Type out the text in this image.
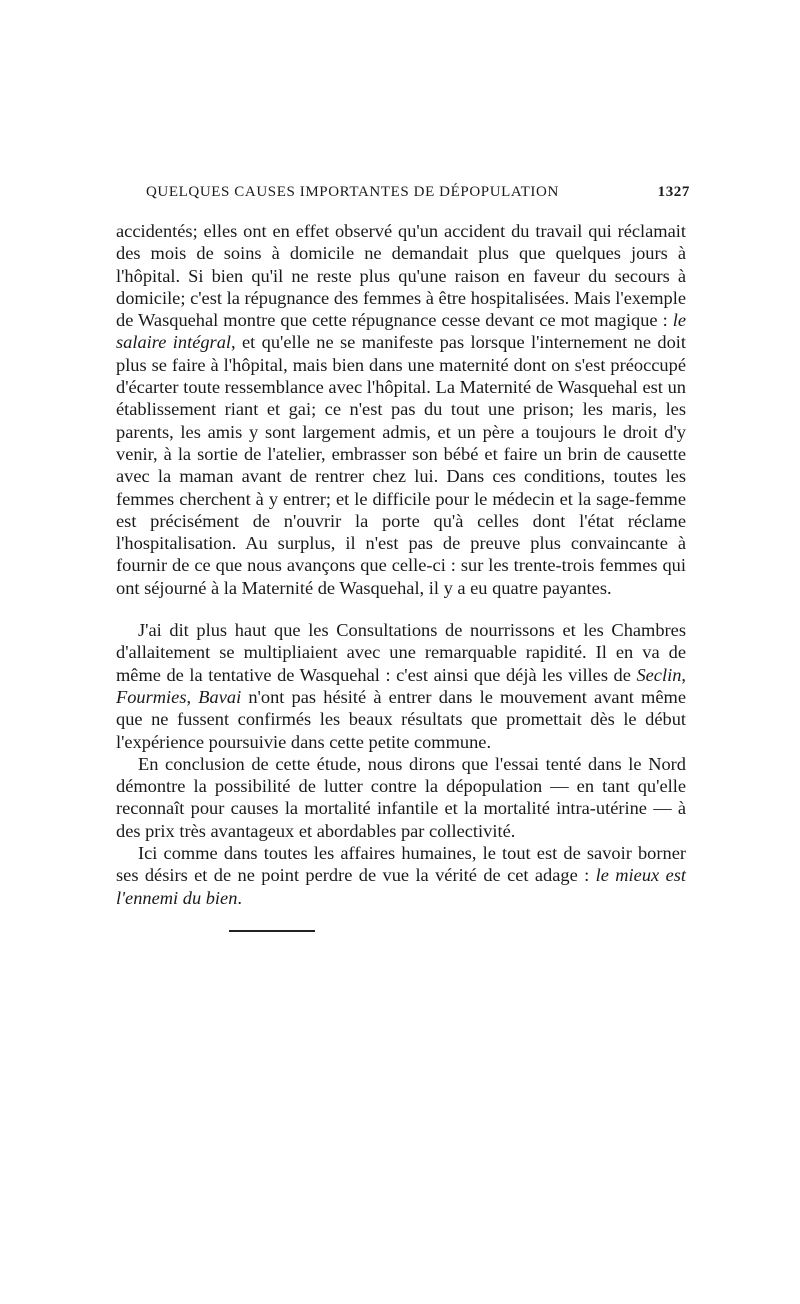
QUELQUES CAUSES IMPORTANTES DE DÉPOPULATION	1327

accidentés; elles ont en effet observé qu'un accident du travail qui réclamait des mois de soins à domicile ne demandait plus que quelques jours à l'hôpital. Si bien qu'il ne reste plus qu'une raison en faveur du secours à domicile; c'est la répugnance des femmes à être hospitalisées. Mais l'exemple de Wasquehal montre que cette répugnance cesse devant ce mot magique : le salaire intégral, et qu'elle ne se manifeste pas lorsque l'internement ne doit plus se faire à l'hôpital, mais bien dans une maternité dont on s'est préoccupé d'écarter toute ressemblance avec l'hôpital. La Maternité de Wasquehal est un établissement riant et gai; ce n'est pas du tout une prison; les maris, les parents, les amis y sont largement admis, et un père a toujours le droit d'y venir, à la sortie de l'atelier, embrasser son bébé et faire un brin de causette avec la maman avant de rentrer chez lui. Dans ces conditions, toutes les femmes cherchent à y entrer; et le difficile pour le médecin et la sage-femme est précisément de n'ouvrir la porte qu'à celles dont l'état réclame l'hospitalisation. Au surplus, il n'est pas de preuve plus convaincante à fournir de ce que nous avançons que celle-ci : sur les trente-trois femmes qui ont séjourné à la Maternité de Wasquehal, il y a eu quatre payantes.

J'ai dit plus haut que les Consultations de nourrissons et les Chambres d'allaitement se multipliaient avec une remarquable rapidité. Il en va de même de la tentative de Wasquehal : c'est ainsi que déjà les villes de Seclin, Fourmies, Bavai n'ont pas hésité à entrer dans le mouvement avant même que ne fussent confirmés les beaux résultats que promettait dès le début l'expérience poursuivie dans cette petite commune.

En conclusion de cette étude, nous dirons que l'essai tenté dans le Nord démontre la possibilité de lutter contre la dépopulation — en tant qu'elle reconnaît pour causes la mortalité infantile et la mortalité intra-utérine — à des prix très avantageux et abordables par collectivité.

Ici comme dans toutes les affaires humaines, le tout est de savoir borner ses désirs et de ne point perdre de vue la vérité de cet adage : le mieux est l'ennemi du bien.
